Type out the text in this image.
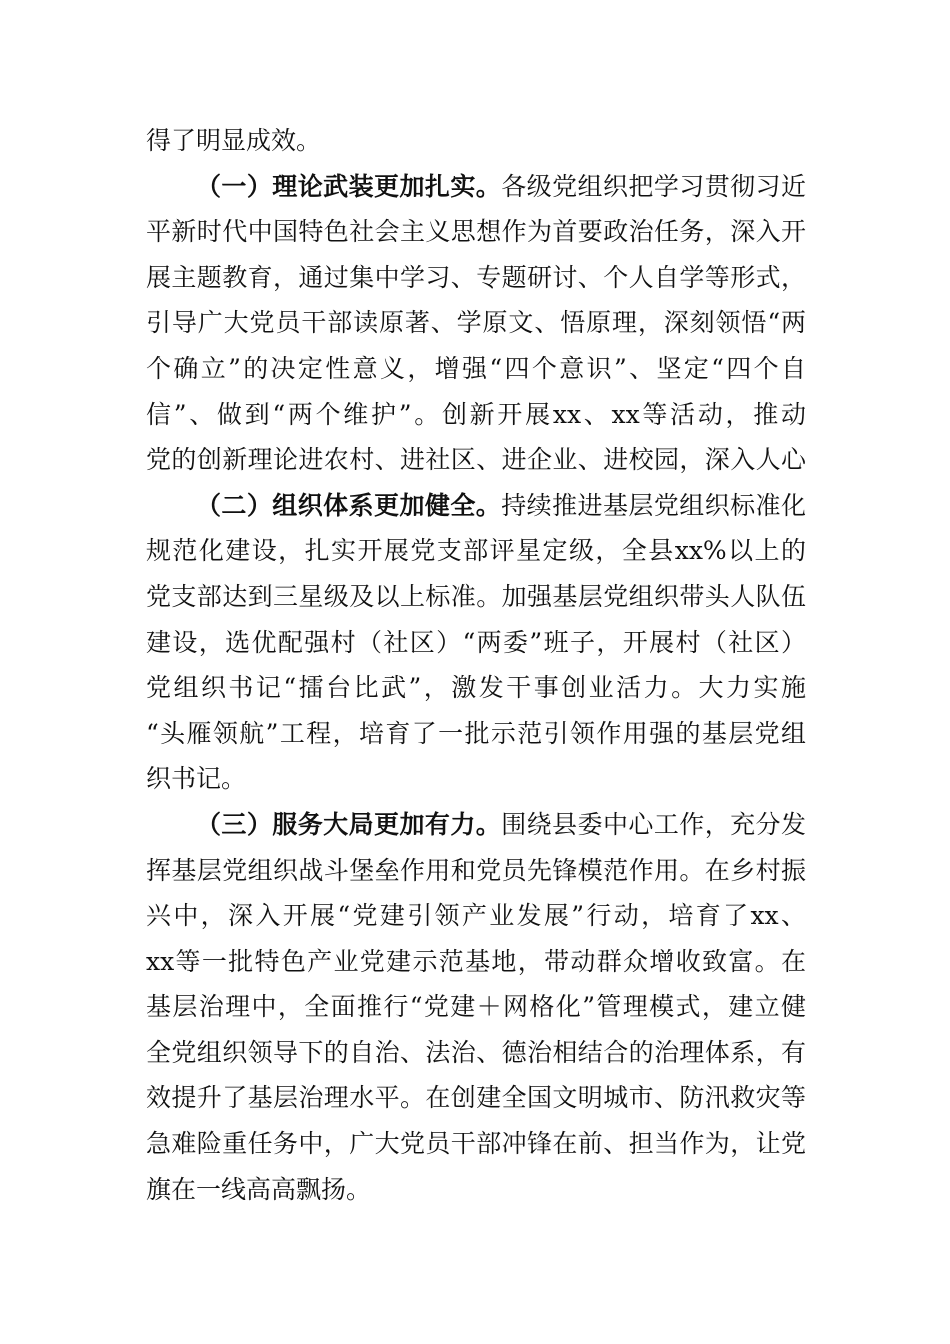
得了明显成效。

（一）理论武装更加扎实。各级党组织把学习贯彻习近
平新时代中国特色社会主义思想作为首要政治任务，深入开
展主题教育，通过集中学习、专题研讨、个人自学等形式，
引导广大党员干部读原著、学原文、悟原理，深刻领悟“两
个确立”的决定性意义，增强“四个意识”、坚定“四个自
信”、做到“两个维护”。创新开展xx、xx等活动，推动
党的创新理论进农村、进社区、进企业、进校园，深入人心

（二）组织体系更加健全。持续推进基层党组织标准化
规范化建设，扎实开展党支部评星定级，全县xx%以上的
党支部达到三星级及以上标准。加强基层党组织带头人队伍
建设，选优配强村（社区）“两委”班子，开展村（社区）
党组织书记“擂台比武”，激发干事创业活力。大力实施
“头雁领航”工程，培育了一批示范引领作用强的基层党组
织书记。

（三）服务大局更加有力。围绕县委中心工作，充分发
挥基层党组织战斗堡垒作用和党员先锋模范作用。在乡村振
兴中，深入开展“党建引领产业发展”行动，培育了xx、
xx等一批特色产业党建示范基地，带动群众增收致富。在
基层治理中，全面推行“党建＋网格化”管理模式，建立健
全党组织领导下的自治、法治、德治相结合的治理体系，有
效提升了基层治理水平。在创建全国文明城市、防汛救灾等
急难险重任务中，广大党员干部冲锋在前、担当作为，让党
旗在一线高高飘扬。
